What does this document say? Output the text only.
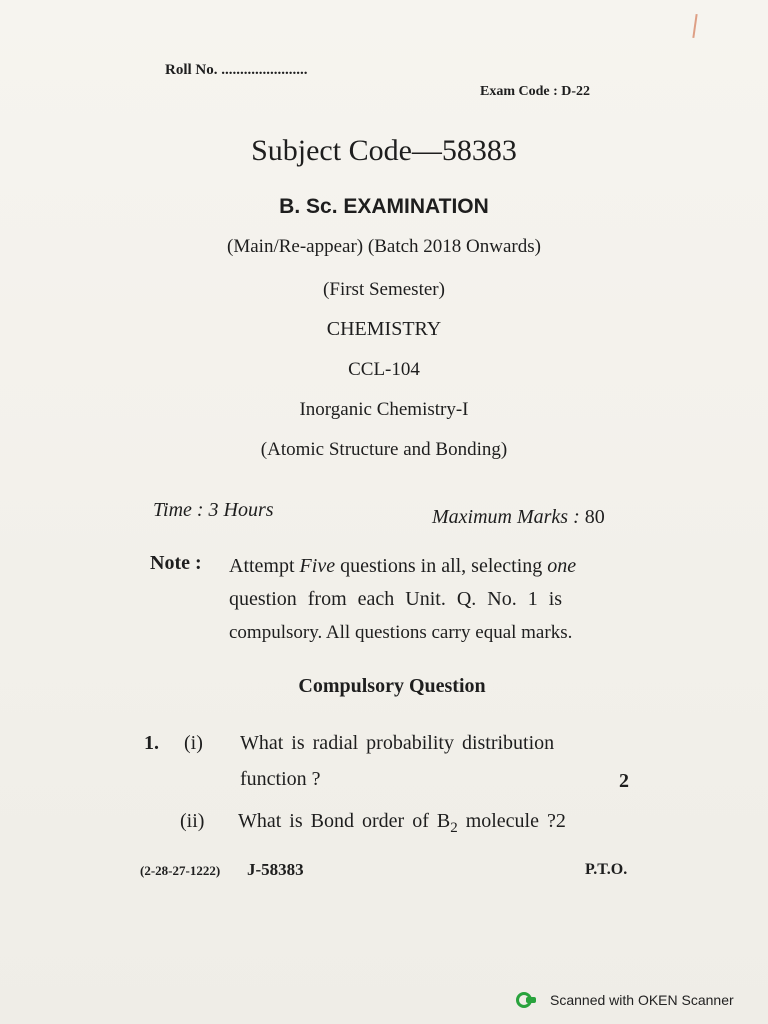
Roll No. .......................
Exam Code : D-22
Subject Code—58383
B. Sc. EXAMINATION
(Main/Re-appear) (Batch 2018 Onwards)
(First Semester)
CHEMISTRY
CCL-104
Inorganic Chemistry-I
(Atomic Structure and Bonding)
Time : 3 Hours	Maximum Marks : 80
Note : Attempt Five questions in all, selecting one
question from each Unit. Q. No. 1 is
compulsory. All questions carry equal marks.
Compulsory Question
1. (i) What is radial probability distribution
function ?	2
(ii) What is Bond order of $B_2$ molecule ?2
(2-28-27-1222) J-58383	P.T.O.
Scanned with OKEN Scanner
